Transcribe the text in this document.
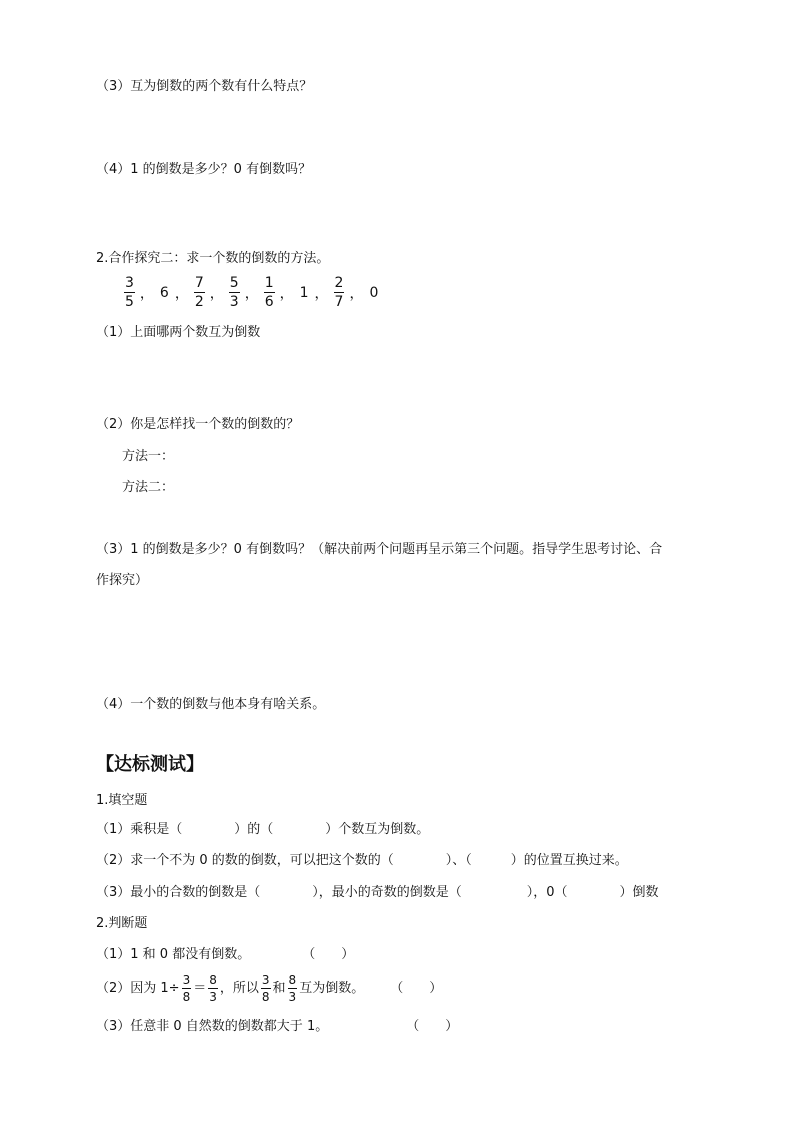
（3）互为倒数的两个数有什么特点？
（4）1 的倒数是多少？0 有倒数吗？
2.合作探究二：求一个数的倒数的方法。
$\frac{3}{5}$ ， 6 ， $\frac{7}{2}$ ， $\frac{5}{3}$ ， $\frac{1}{6}$ ， 1 ， $\frac{2}{7}$ ， 0
（1）上面哪两个数互为倒数
（2）你是怎样找一个数的倒数的？
方法一：
方法二：
（3）1 的倒数是多少？0 有倒数吗？（解决前两个问题再呈示第三个问题。指导学生思考讨论、合
作探究）
（4）一个数的倒数与他本身有啥关系。
【达标测试】
1.填空题
（1）乘积是（　　　　）的（　　　　）个数互为倒数。
（2）求一个不为 0 的数的倒数，可以把这个数的（　　　　）、（　　　）的位置互换过来。
（3）最小的合数的倒数是（　　　　），最小的奇数的倒数是（　　　　　），0（　　　　）倒数
2.判断题
（1）1 和 0 都没有倒数。　　　　　（　　）
（2）因为 $1\div \frac{3}{8} = \frac{8}{3}$ ，所以 $\frac{3}{8}$ 和 $\frac{8}{3}$ 互为倒数。　　　（　　）
（3）任意非 0 自然数的倒数都大于 1。　　　　　　　（　　）
